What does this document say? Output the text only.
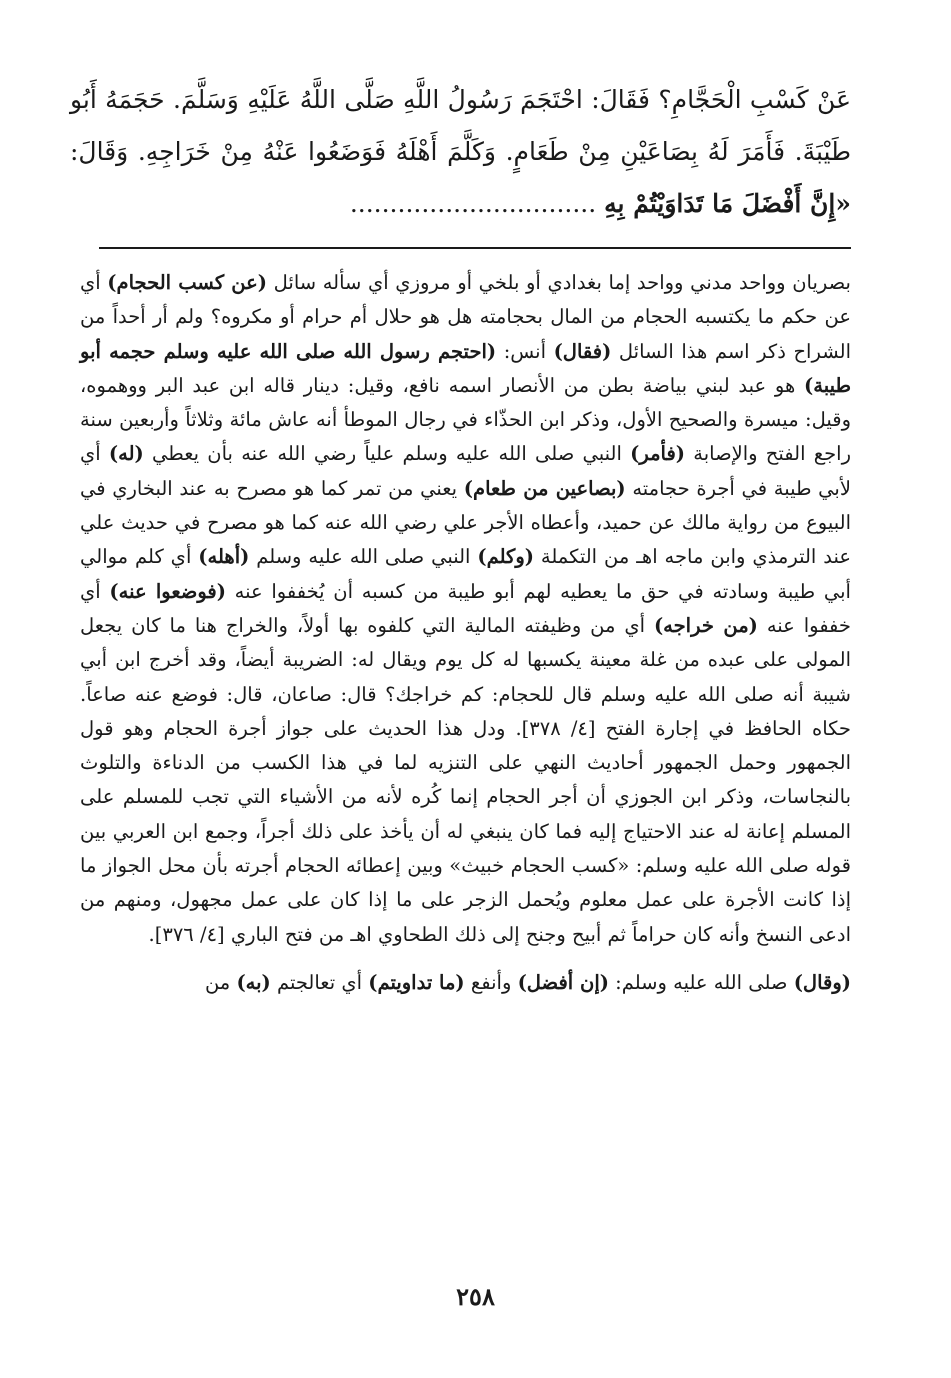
عَنْ كَسْبِ الْحَجَّامِ؟ فَقَالَ: احْتَجَمَ رَسُولُ اللَّهِ صَلَّى اللَّهُ عَلَيْهِ وَسَلَّمَ. حَجَمَهُ أَبُو طَيْبَةَ. فَأَمَرَ لَهُ بِصَاعَيْنِ مِنْ طَعَامٍ. وَكَلَّمَ أَهْلَهُ فَوَضَعُوا عَنْهُ مِنْ خَرَاجِهِ. وَقَالَ: «إِنَّ أَفْضَلَ مَا تَدَاوَيْتُمْ بِهِ ...............................

بصريان وواحد مدني وواحد إما بغدادي أو بلخي أو مروزي أي سأله سائل (عن كسب الحجام) أي عن حكم ما يكتسبه الحجام من المال بحجامته هل هو حلال أم حرام أو مكروه؟ ولم أر أحداً من الشراح ذكر اسم هذا السائل (فقال) أنس: (احتجم رسول الله صلى الله عليه وسلم حجمه أبو طيبة) هو عبد لبني بياضة بطن من الأنصار اسمه نافع، وقيل: دينار قاله ابن عبد البر ووهموه، وقيل: ميسرة والصحيح الأول، وذكر ابن الحذّاء في رجال الموطأ أنه عاش مائة وثلاثاً وأربعين سنة راجع الفتح والإصابة (فأمر) النبي صلى الله عليه وسلم علياً رضي الله عنه بأن يعطي (له) أي لأبي طيبة في أجرة حجامته (بصاعين من طعام) يعني من تمر كما هو مصرح به عند البخاري في البيوع من رواية مالك عن حميد، وأعطاه الأجر علي رضي الله عنه كما هو مصرح في حديث علي عند الترمذي وابن ماجه اهـ من التكملة (وكلم) النبي صلى الله عليه وسلم (أهله) أي كلم موالي أبي طيبة وسادته في حق ما يعطيه لهم أبو طيبة من كسبه أن يُخففوا عنه (فوضعوا عنه) أي خففوا عنه (من خراجه) أي من وظيفته المالية التي كلفوه بها أولاً، والخراج هنا ما كان يجعل المولى على عبده من غلة معينة يكسبها له كل يوم ويقال له: الضريبة أيضاً، وقد أخرج ابن أبي شيبة أنه صلى الله عليه وسلم قال للحجام: كم خراجك؟ قال: صاعان، قال: فوضع عنه صاعاً. حكاه الحافظ في إجارة الفتح [٤/ ٣٧٨]. ودل هذا الحديث على جواز أجرة الحجام وهو قول الجمهور وحمل الجمهور أحاديث النهي على التنزيه لما في هذا الكسب من الدناءة والتلوث بالنجاسات، وذكر ابن الجوزي أن أجر الحجام إنما كُره لأنه من الأشياء التي تجب للمسلم على المسلم إعانة له عند الاحتياج إليه فما كان ينبغي له أن يأخذ على ذلك أجراً، وجمع ابن العربي بين قوله صلى الله عليه وسلم: «كسب الحجام خبيث» وبين إعطائه الحجام أجرته بأن محل الجواز ما إذا كانت الأجرة على عمل معلوم ويُحمل الزجر على ما إذا كان على عمل مجهول، ومنهم من ادعى النسخ وأنه كان حراماً ثم أبيح وجنح إلى ذلك الطحاوي اهـ من فتح الباري [٤/ ٣٧٦].

(وقال) صلى الله عليه وسلم: (إن أفضل) وأنفع (ما تداويتم) أي تعالجتم (به) من

٢٥٨
